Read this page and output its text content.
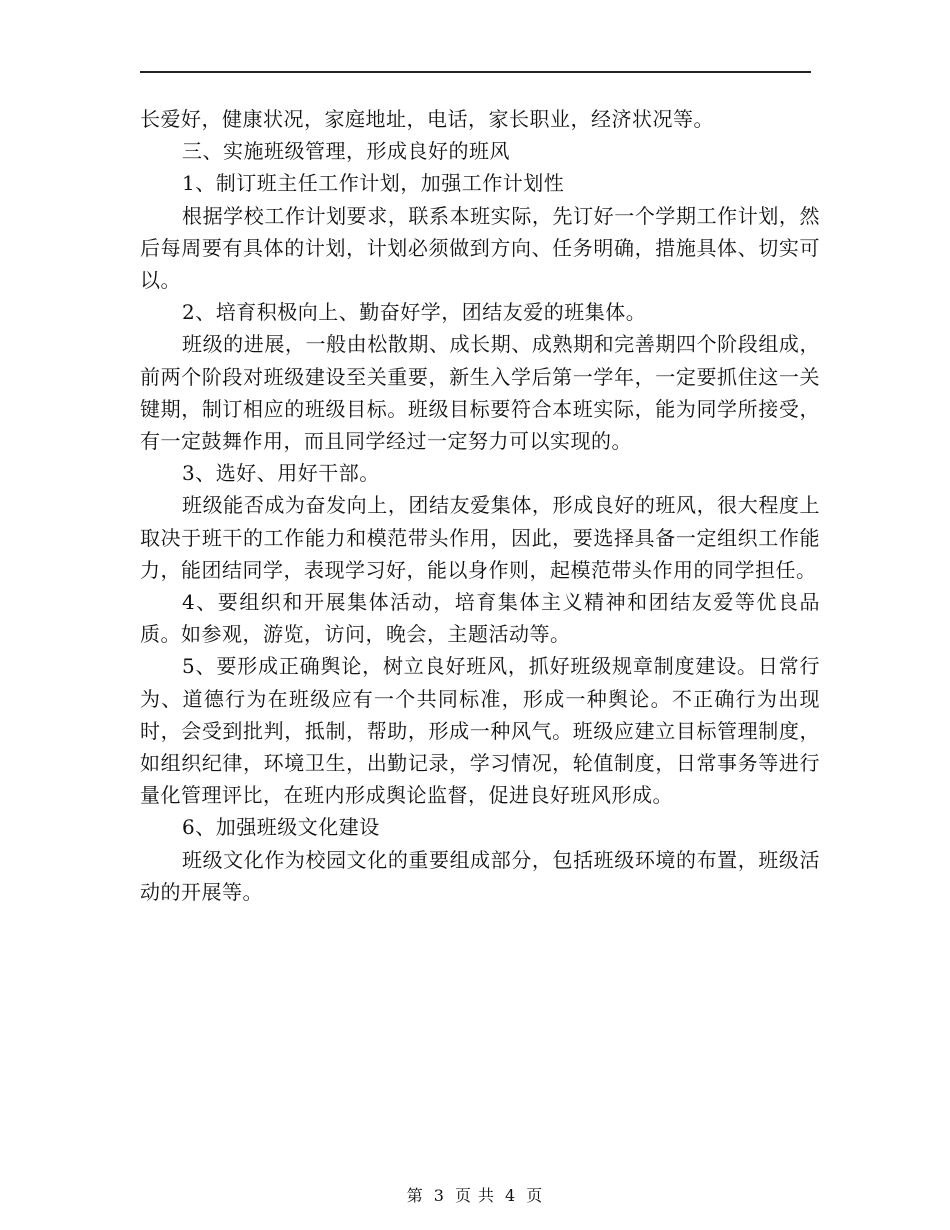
长爱好，健康状况，家庭地址，电话，家长职业，经济状况等。

三、实施班级管理，形成良好的班风

1、制订班主任工作计划，加强工作计划性

根据学校工作计划要求，联系本班实际，先订好一个学期工作计划，然后每周要有具体的计划，计划必须做到方向、任务明确，措施具体、切实可以。

2、培育积极向上、勤奋好学，团结友爱的班集体。

班级的进展，一般由松散期、成长期、成熟期和完善期四个阶段组成，前两个阶段对班级建设至关重要，新生入学后第一学年，一定要抓住这一关键期，制订相应的班级目标。班级目标要符合本班实际，能为同学所接受，有一定鼓舞作用，而且同学经过一定努力可以实现的。

3、选好、用好干部。

班级能否成为奋发向上，团结友爱集体，形成良好的班风，很大程度上取决于班干的工作能力和模范带头作用，因此，要选择具备一定组织工作能力，能团结同学，表现学习好，能以身作则，起模范带头作用的同学担任。

4、要组织和开展集体活动，培育集体主义精神和团结友爱等优良品质。如参观，游览，访问，晚会，主题活动等。

5、要形成正确舆论，树立良好班风，抓好班级规章制度建设。日常行为、道德行为在班级应有一个共同标准，形成一种舆论。不正确行为出现时，会受到批判，抵制，帮助，形成一种风气。班级应建立目标管理制度，如组织纪律，环境卫生，出勤记录，学习情况，轮值制度，日常事务等进行量化管理评比，在班内形成舆论监督，促进良好班风形成。

6、加强班级文化建设

班级文化作为校园文化的重要组成部分，包括班级环境的布置，班级活动的开展等。

第 3 页 共 4 页
